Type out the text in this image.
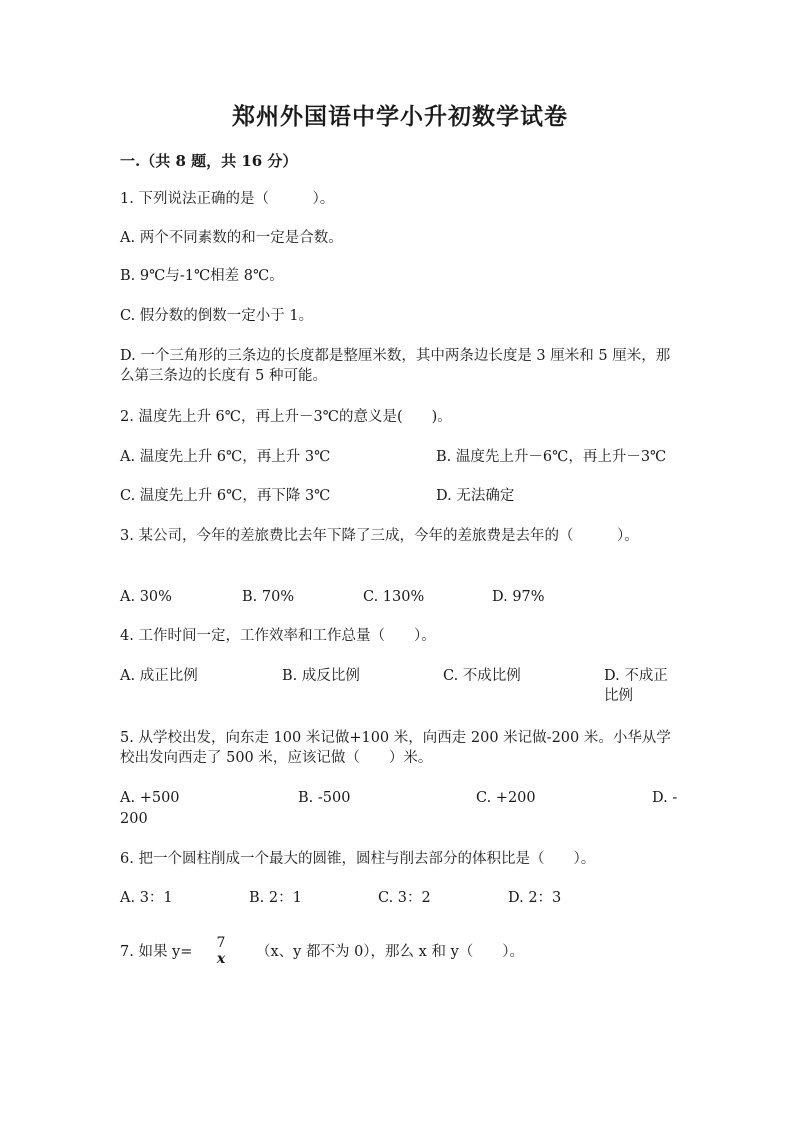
郑州外国语中学小升初数学试卷
一.（共 8 题，共 16 分）
1. 下列说法正确的是（　　　）。
A. 两个不同素数的和一定是合数。
B. 9℃与-1℃相差 8℃。
C. 假分数的倒数一定小于 1。
D. 一个三角形的三条边的长度都是整厘米数，其中两条边长度是 3 厘米和 5 厘米，那么第三条边的长度有 5 种可能。
2. 温度先上升 6℃，再上升－3℃的意义是(　　)。
A. 温度先上升 6℃，再上升 3℃	B. 温度先上升－6℃，再上升－3℃
C. 温度先上升 6℃，再下降 3℃	D. 无法确定
3. 某公司，今年的差旅费比去年下降了三成，今年的差旅费是去年的（　　　）。
A. 30%	B. 70%	C. 130%	D. 97%
4. 工作时间一定，工作效率和工作总量（　　）。
A. 成正比例	B. 成反比例	C. 不成比例	D. 不成正比例
5. 从学校出发，向东走 100 米记做+100 米，向西走 200 米记做-200 米。小华从学校出发向西走了 500 米，应该记做（　　）米。
A. +500	B. -500	C. +200	D. -
200
6. 把一个圆柱削成一个最大的圆锥，圆柱与削去部分的体积比是（　　）。
A. 3：1	B. 2：1	C. 3：2	D. 2：3
7. 如果 y=
7
x （x、y 都不为 0），那么 x 和 y（　　）。
